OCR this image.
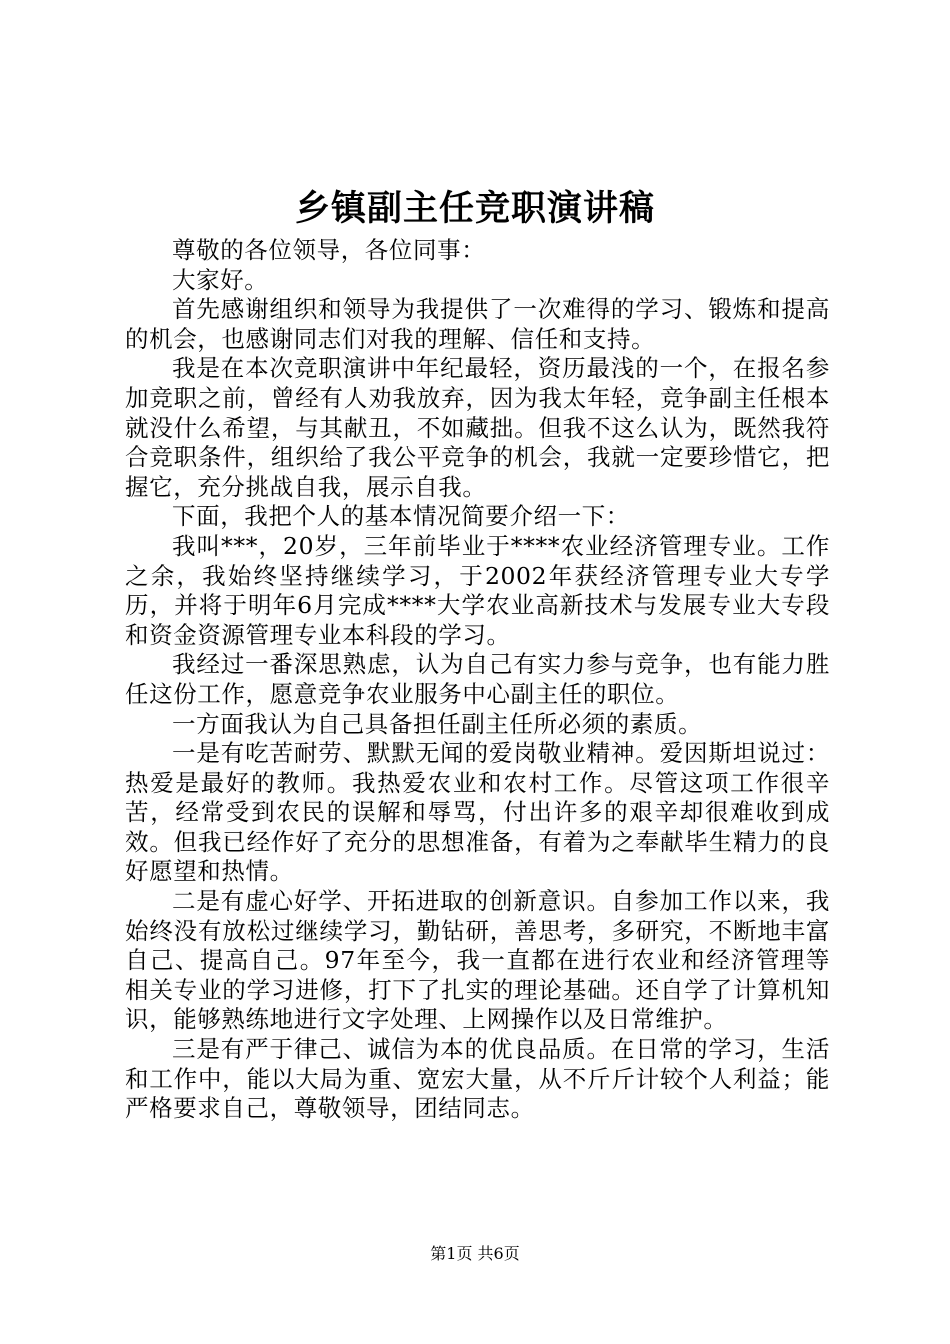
乡镇副主任竞职演讲稿

尊敬的各位领导，各位同事：

大家好。

首先感谢组织和领导为我提供了一次难得的学习、锻炼和提高的机会，也感谢同志们对我的理解、信任和支持。

我是在本次竞职演讲中年纪最轻，资历最浅的一个，在报名参加竞职之前，曾经有人劝我放弃，因为我太年轻，竞争副主任根本就没什么希望，与其献丑，不如藏拙。但我不这么认为，既然我符合竞职条件，组织给了我公平竞争的机会，我就一定要珍惜它，把握它，充分挑战自我，展示自我。

下面，我把个人的基本情况简要介绍一下：

我叫***，20岁，三年前毕业于****农业经济管理专业。工作之余，我始终坚持继续学习，于2002年获经济管理专业大专学历，并将于明年6月完成****大学农业高新技术与发展专业大专段和资金资源管理专业本科段的学习。

我经过一番深思熟虑，认为自己有实力参与竞争，也有能力胜任这份工作，愿意竞争农业服务中心副主任的职位。

一方面我认为自己具备担任副主任所必须的素质。

一是有吃苦耐劳、默默无闻的爱岗敬业精神。爱因斯坦说过：热爱是最好的教师。我热爱农业和农村工作。尽管这项工作很辛苦，经常受到农民的误解和辱骂，付出许多的艰辛却很难收到成效。但我已经作好了充分的思想准备，有着为之奉献毕生精力的良好愿望和热情。

二是有虚心好学、开拓进取的创新意识。自参加工作以来，我始终没有放松过继续学习，勤钻研，善思考，多研究，不断地丰富自己、提高自己。97年至今，我一直都在进行农业和经济管理等相关专业的学习进修，打下了扎实的理论基础。还自学了计算机知识，能够熟练地进行文字处理、上网操作以及日常维护。

三是有严于律己、诚信为本的优良品质。在日常的学习，生活和工作中，能以大局为重、宽宏大量，从不斤斤计较个人利益；能严格要求自己，尊敬领导，团结同志。

第1页 共6页
